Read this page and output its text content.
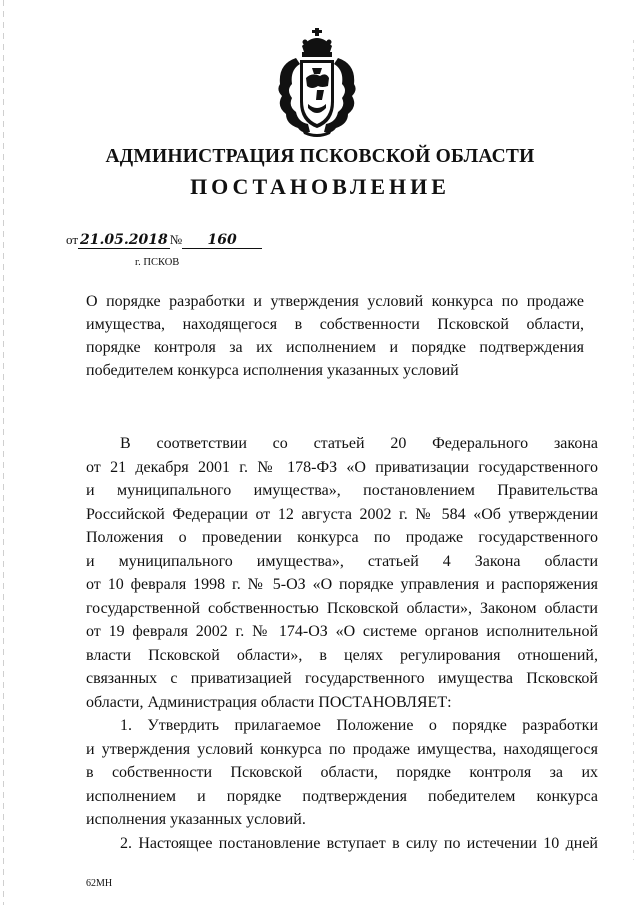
АДМИНИСТРАЦИЯ ПСКОВСКОЙ ОБЛАСТИ
ПОСТАНОВЛЕНИЕ
от 21.05.2018 № 160
г. ПСКОВ
О порядке разработки и утверждения условий конкурса по продаже
имущества, находящегося в собственности Псковской области,
порядке контроля за их исполнением и порядке подтверждения
победителем конкурса исполнения указанных условий
В соответствии со статьей 20 Федерального закона
от 21 декабря 2001 г. № 178-ФЗ «О приватизации государственного
и муниципального имущества», постановлением Правительства
Российской Федерации от 12 августа 2002 г. № 584 «Об утверждении
Положения о проведении конкурса по продаже государственного
и муниципального имущества», статьей 4 Закона области
от 10 февраля 1998 г. № 5-ОЗ «О порядке управления и распоряжения
государственной собственностью Псковской области», Законом области
от 19 февраля 2002 г. № 174-ОЗ «О системе органов исполнительной
власти Псковской области», в целях регулирования отношений,
связанных с приватизацией государственного имущества Псковской
области, Администрация области ПОСТАНОВЛЯЕТ:
1. Утвердить прилагаемое Положение о порядке разработки
и утверждения условий конкурса по продаже имущества, находящегося
в собственности Псковской области, порядке контроля за их
исполнением и порядке подтверждения победителем конкурса
исполнения указанных условий.
2. Настоящее постановление вступает в силу по истечении 10 дней
62МН
